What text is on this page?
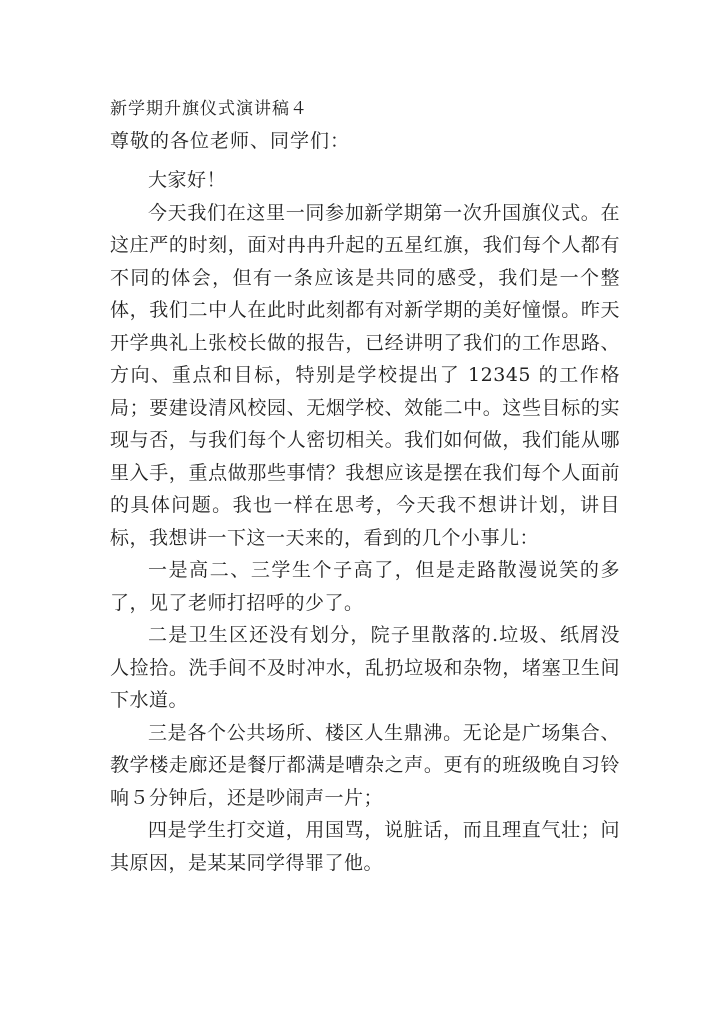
新学期升旗仪式演讲稿４
尊敬的各位老师、同学们：

大家好！

今天我们在这里一同参加新学期第一次升国旗仪式。在这庄严的时刻，面对冉冉升起的五星红旗，我们每个人都有不同的体会，但有一条应该是共同的感受，我们是一个整体，我们二中人在此时此刻都有对新学期的美好憧憬。昨天开学典礼上张校长做的报告，已经讲明了我们的工作思路、方向、重点和目标，特别是学校提出了 12345 的工作格局；要建设清风校园、无烟学校、效能二中。这些目标的实现与否，与我们每个人密切相关。我们如何做，我们能从哪里入手，重点做那些事情？我想应该是摆在我们每个人面前的具体问题。我也一样在思考，今天我不想讲计划，讲目标，我想讲一下这一天来的，看到的几个小事儿：

一是高二、三学生个子高了，但是走路散漫说笑的多了，见了老师打招呼的少了。

二是卫生区还没有划分，院子里散落的.垃圾、纸屑没人捡拾。洗手间不及时冲水，乱扔垃圾和杂物，堵塞卫生间下水道。

三是各个公共场所、楼区人生鼎沸。无论是广场集合、教学楼走廊还是餐厅都满是嘈杂之声。更有的班级晚自习铃响５分钟后，还是吵闹声一片；

四是学生打交道，用国骂，说脏话，而且理直气壮；问其原因，是某某同学得罪了他。
